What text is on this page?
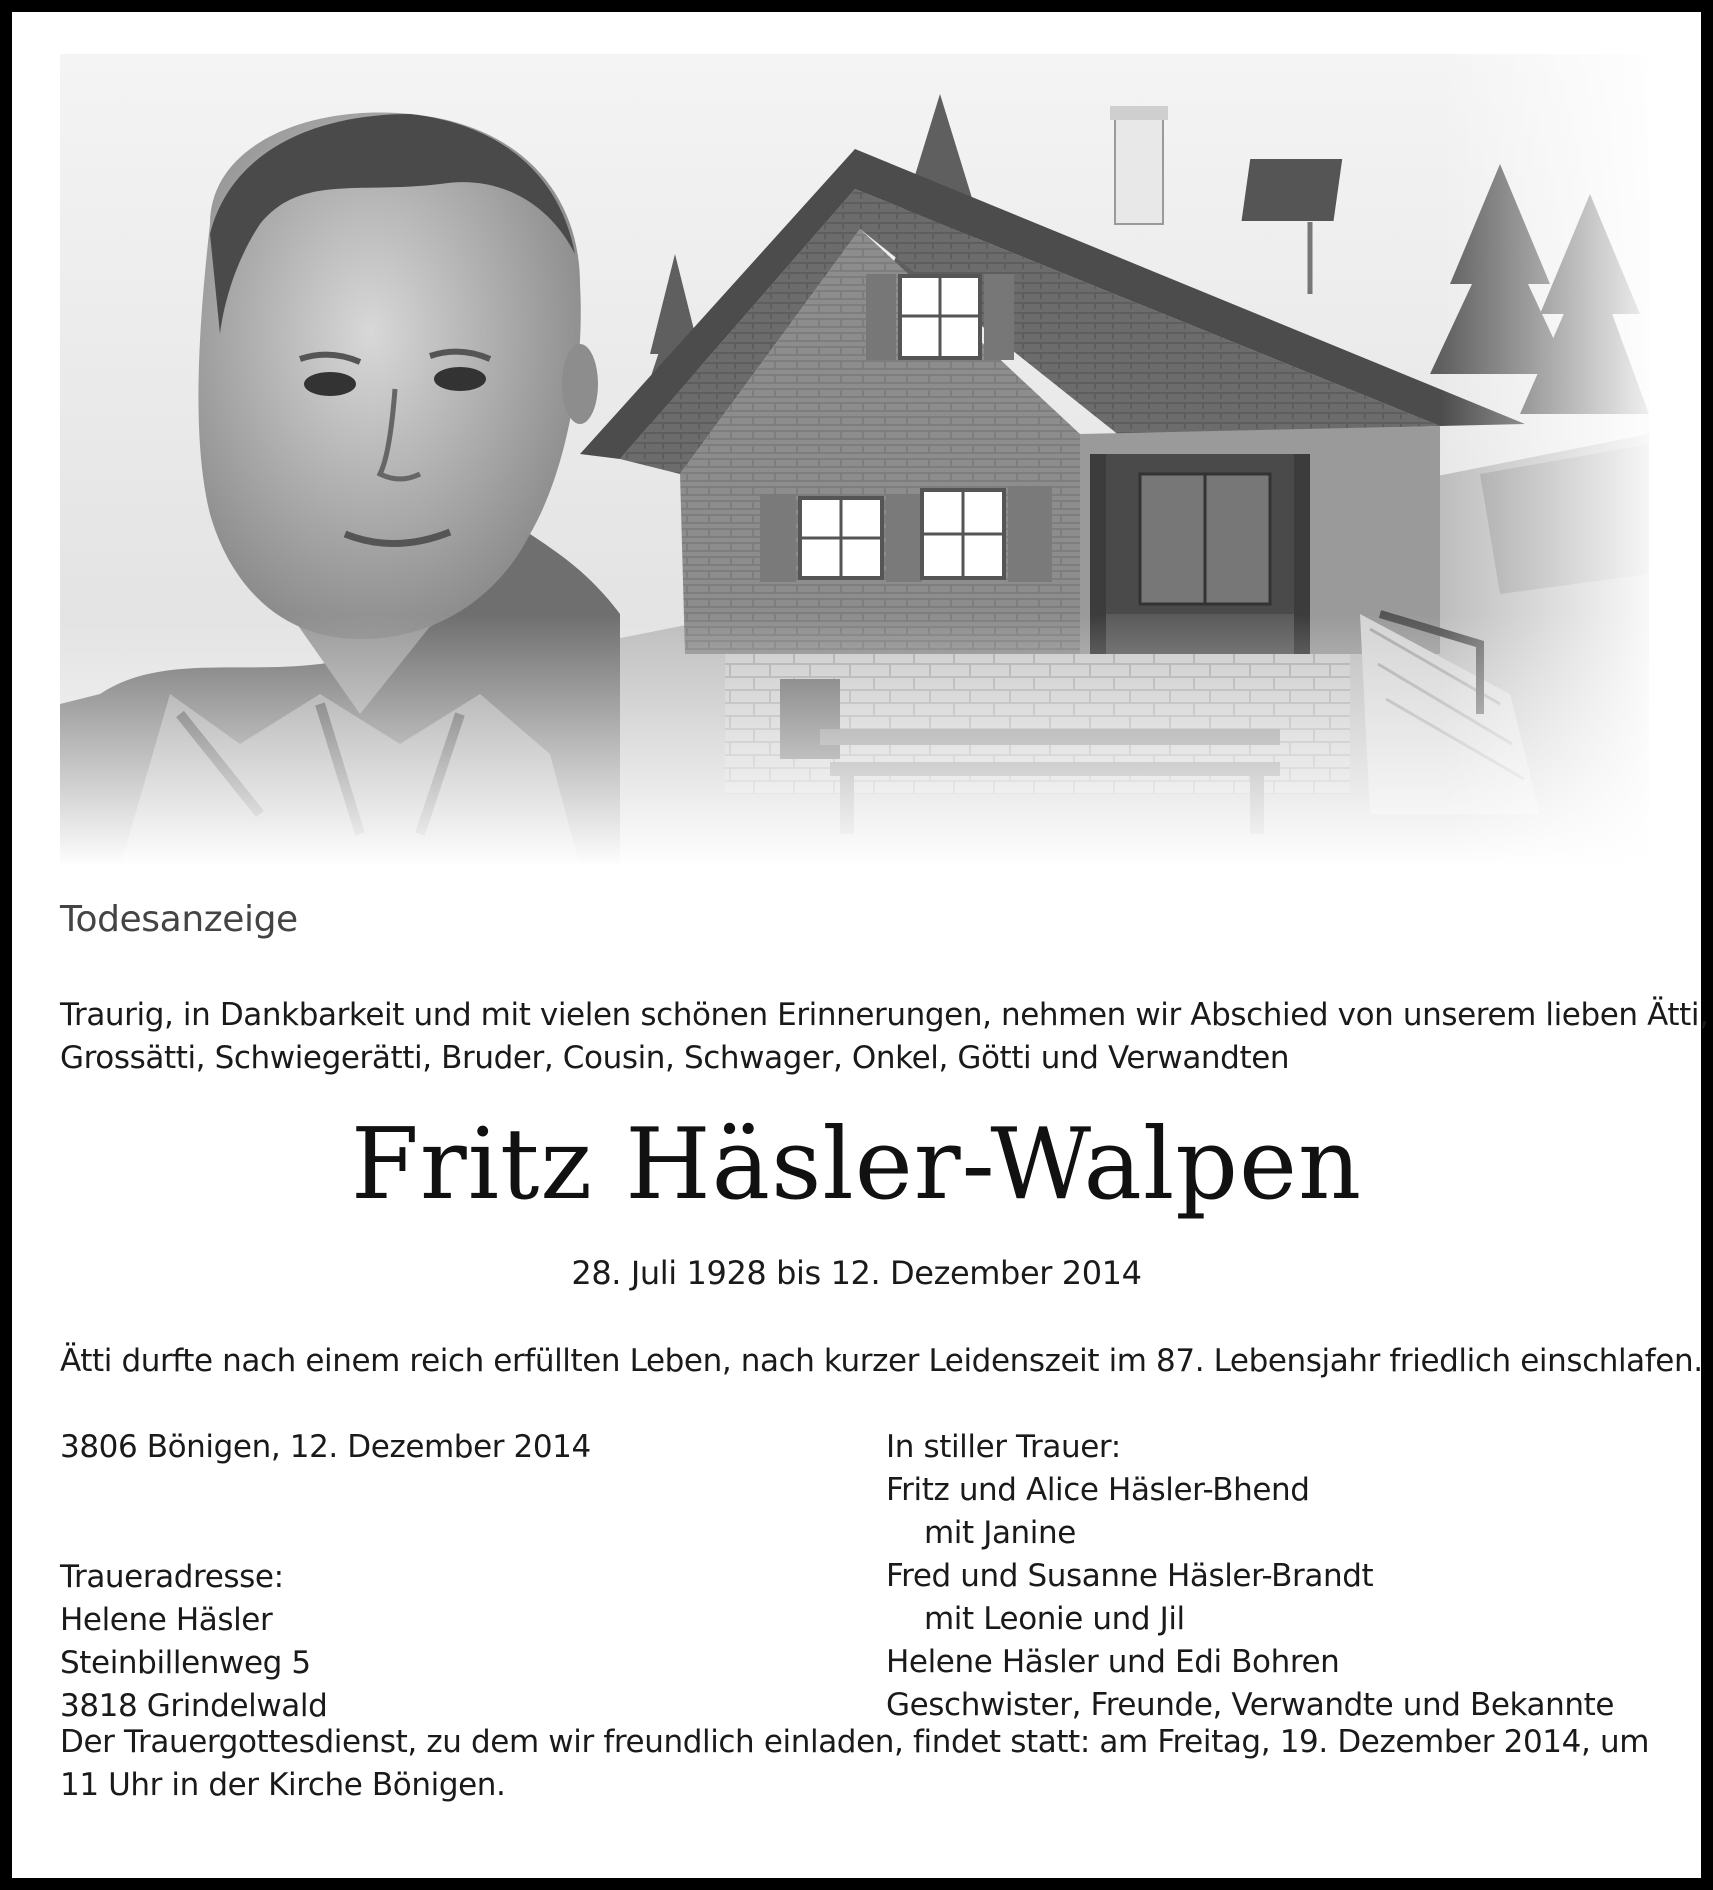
Todesanzeige
Traurig, in Dankbarkeit und mit vielen schönen Erinnerungen, nehmen wir Abschied von unserem lieben Ätti,
Grossätti, Schwiegerätti, Bruder, Cousin, Schwager, Onkel, Götti und Verwandten
Fritz Häsler-Walpen
28. Juli 1928 bis 12. Dezember 2014
Ätti durfte nach einem reich erfüllten Leben, nach kurzer Leidenszeit im 87. Lebensjahr friedlich einschlafen.
3806 Bönigen, 12. Dezember 2014
Traueradresse:
Helene Häsler
Steinbillenweg 5
3818 Grindelwald
In stiller Trauer:
Fritz und Alice Häsler-Bhend
mit Janine
Fred und Susanne Häsler-Brandt
mit Leonie und Jil
Helene Häsler und Edi Bohren
Geschwister, Freunde, Verwandte und Bekannte

Der Trauergottesdienst, zu dem wir freundlich einladen, findet statt: am Freitag, 19. Dezember 2014, um 11 Uhr in der Kirche Bönigen.
